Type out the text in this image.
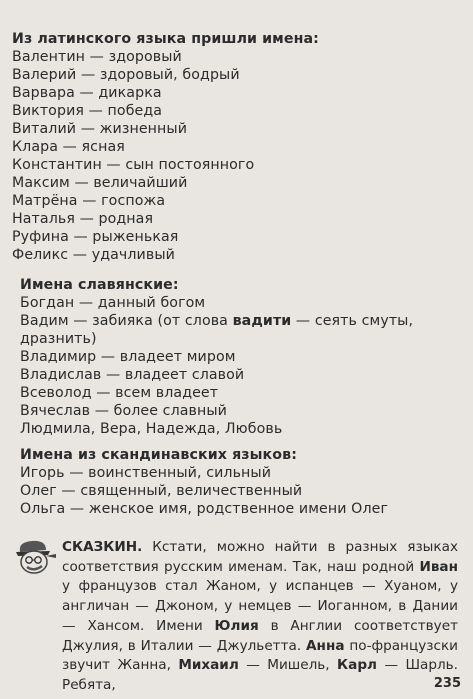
Из латинского языка пришли имена:
Валентин — здоровый
Валерий — здоровый, бодрый
Варвара — дикарка
Виктория — победа
Виталий — жизненный
Клара — ясная
Константин — сын постоянного
Максим — величайший
Матрёна — госпожа
Наталья — родная
Руфина — рыженькая
Феликс — удачливый
Имена славянские:
Богдан — данный богом
Вадим — забияка (от слова вадити — сеять смуты, дразнить)
Владимир — владеет миром
Владислав — владеет славой
Всеволод — всем владеет
Вячеслав — более славный
Людмила, Вера, Надежда, Любовь
Имена из скандинавских языков:
Игорь — воинственный, сильный
Олег — священный, величественный
Ольга — женское имя, родственное имени Олег
СКАЗКИН. Кстати, можно найти в разных языках соответствия русским именам. Так, наш родной Иван у французов стал Жаном, у испанцев — Хуаном, у англичан — Джоном, у немцев — Иоганном, в Дании — Хансом. Имени Юлия в Англии соответствует Джулия, в Италии — Джульетта. Анна по-французски звучит Жанна, Михаил — Мишель, Карл — Шарль. Ребята,	235
